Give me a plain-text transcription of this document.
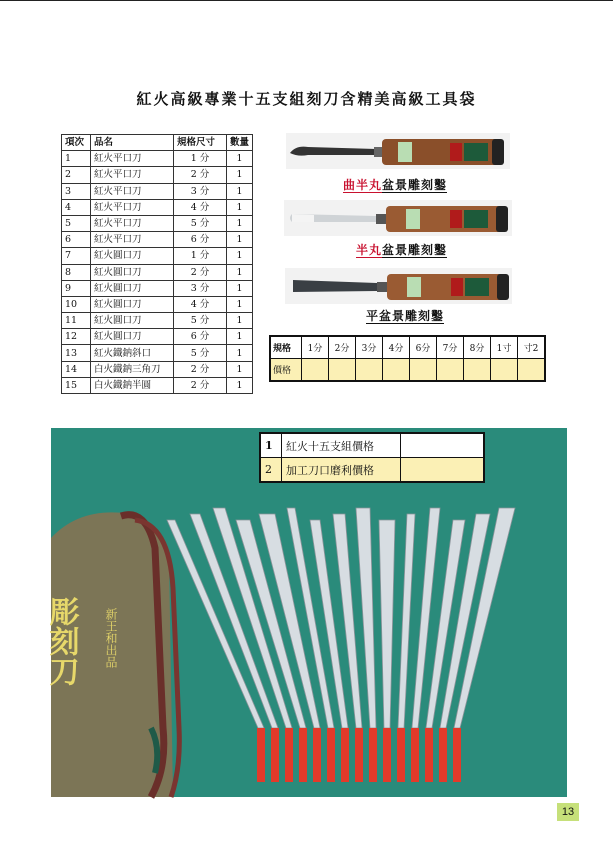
紅火高級專業十五支組刻刀含精美高級工具袋
項次	品名	規格尺寸	數量
1	紅火平口刀	1 分	1
2	紅火平口刀	2 分	1
3	紅火平口刀	3 分	1
4	紅火平口刀	4 分	1
5	紅火平口刀	5 分	1
6	紅火平口刀	6 分	1
7	紅火圓口刀	1 分	1
8	紅火圓口刀	2 分	1
9	紅火圓口刀	3 分	1
10	紅火圓口刀	4 分	1
11	紅火圓口刀	5 分	1
12	紅火圓口刀	6 分	1
13	紅火鐵鈉斜口	5 分	1
14	白火鐵鈉三角刀	2 分	1
15	白火鐵鈉半圓	2 分	1
曲半丸盆景雕刻鑿
半丸盆景雕刻鑿
平盆景雕刻鑿
規格	1分	2分	3分	4分	6分	7分	8分	1寸	寸2
價格									
彫刻刀 新王和出品
1	紅火十五支組價格	
2	加工刀口磨利價格	
13
